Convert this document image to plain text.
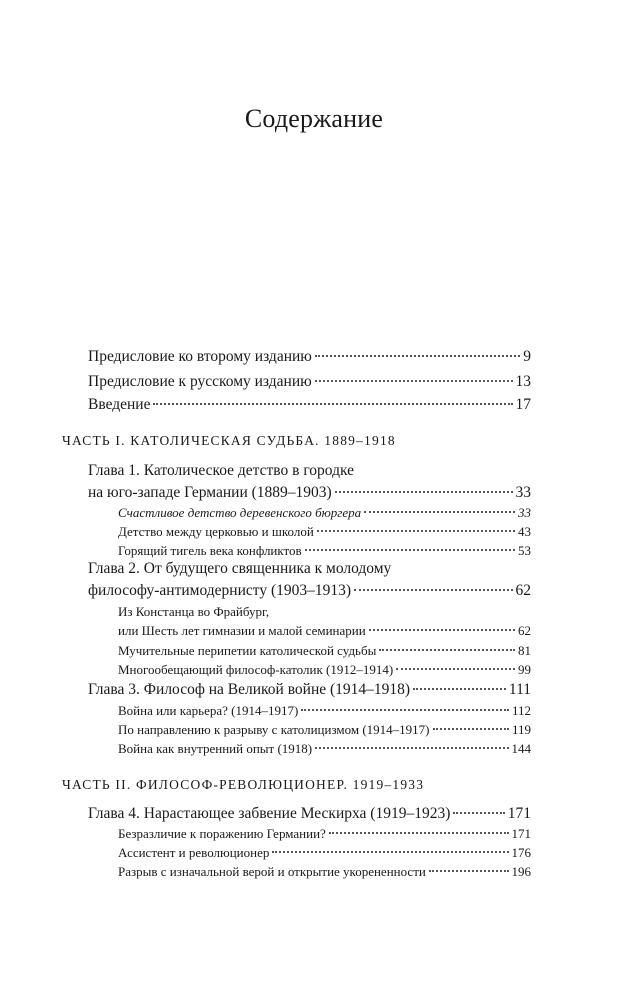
Содержание
Предисловие ко второму изданию	9
Предисловие к русскому изданию	13
Введение	17
ЧАСТЬ I. КАТОЛИЧЕСКАЯ СУДЬБА. 1889–1918
Глава 1. Католическое детство в городке
на юго-западе Германии (1889–1903)	33
Счастливое детство деревенского бюргера	33
Детство между церковью и школой	43
Горящий тигель века конфликтов	53
Глава 2. От будущего священника к молодому
философу-антимодернисту (1903–1913)	62
Из Констанца во Фрайбург,
или Шесть лет гимназии и малой семинарии	62
Мучительные перипетии католической судьбы	81
Многообещающий философ-католик (1912–1914)	99
Глава 3. Философ на Великой войне (1914–1918)	111
Война или карьера? (1914–1917)	112
По направлению к разрыву с католицизмом (1914–1917)	119
Война как внутренний опыт (1918)	144
ЧАСТЬ II. ФИЛОСОФ-РЕВОЛЮЦИОНЕР. 1919–1933
Глава 4. Нарастающее забвение Мескирха (1919–1923)	171
Безразличие к поражению Германии?	171
Ассистент и революционер	176
Разрыв с изначальной верой и открытие укорененности	196
